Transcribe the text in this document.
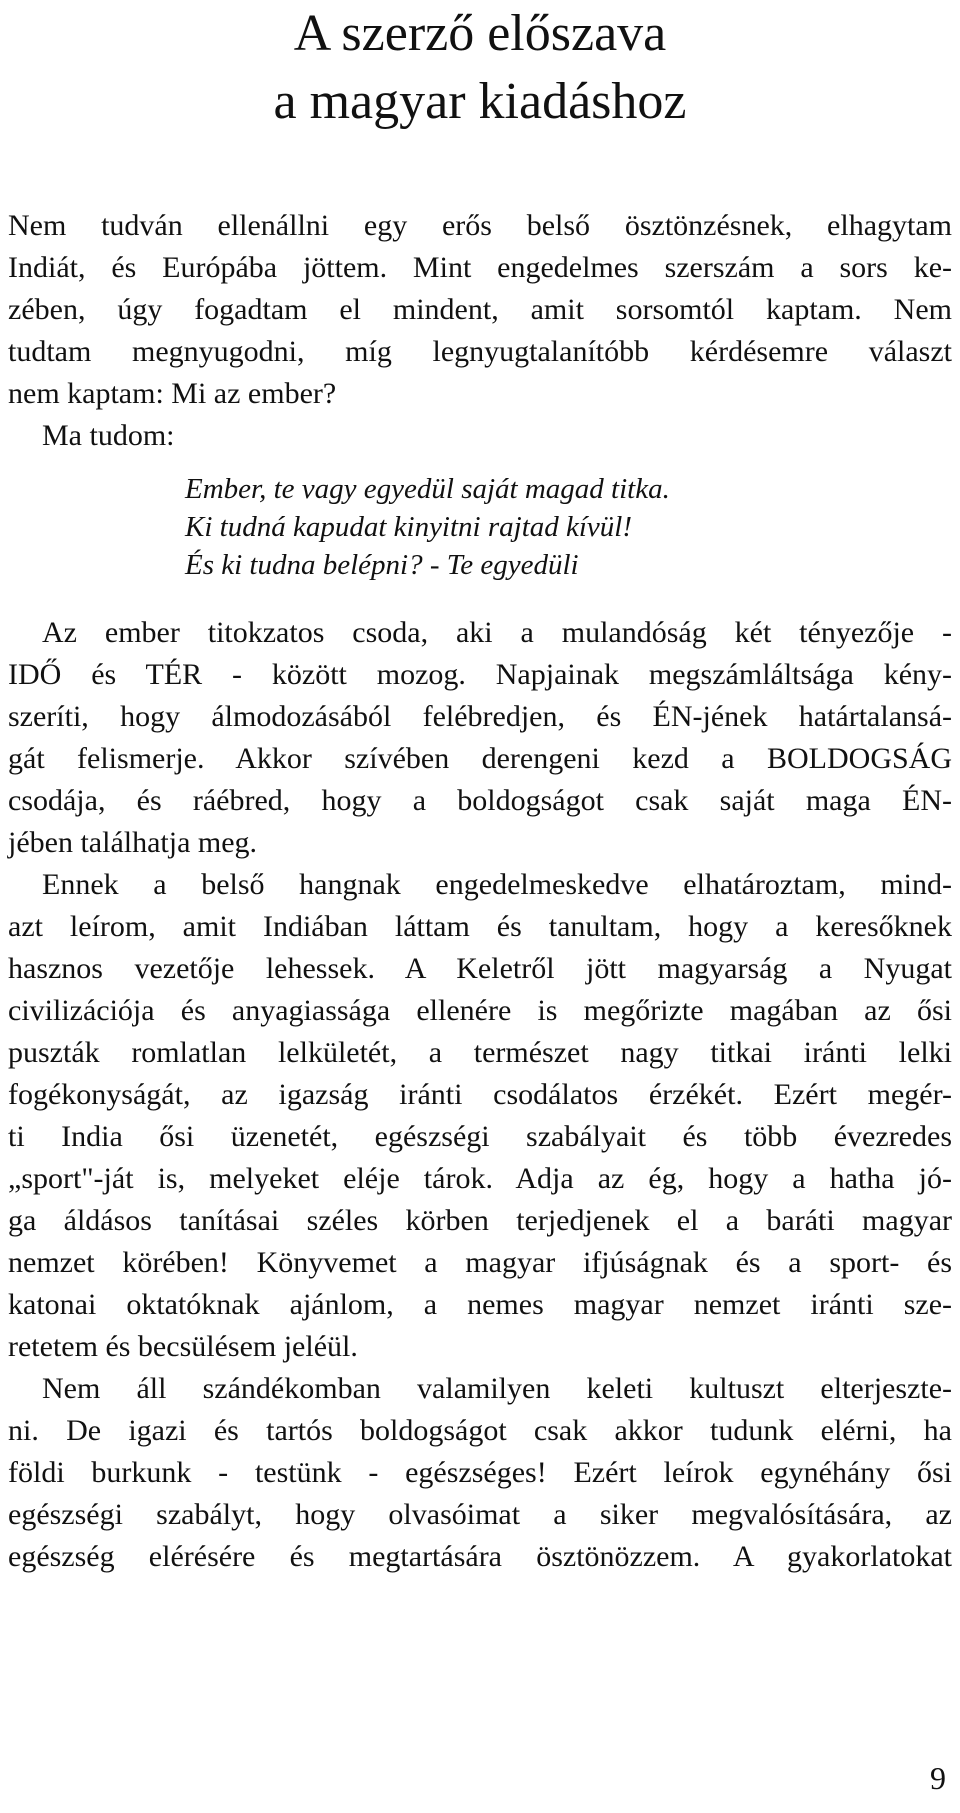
A szerző előszava
a magyar kiadáshoz
Nem tudván ellenállni egy erős belső ösztönzésnek, elhagytam
Indiát, és Európába jöttem. Mint engedelmes szerszám a sors ke-
zében, úgy fogadtam el mindent, amit sorsomtól kaptam. Nem
tudtam megnyugodni, míg legnyugtalanítóbb kérdésemre választ
nem kaptam: Mi az ember?
Ma tudom:
Ember, te vagy egyedül saját magad titka.
Ki tudná kapudat kinyitni rajtad kívül!
És ki tudna belépni? - Te egyedüli
Az ember titokzatos csoda, aki a mulandóság két tényezője -
IDŐ és TÉR - között mozog. Napjainak megszámláltsága kény-
szeríti, hogy álmodozásából felébredjen, és ÉN-jének határtalansá-
gát felismerje. Akkor szívében derengeni kezd a BOLDOGSÁG
csodája, és ráébred, hogy a boldogságot csak saját maga ÉN-
jében találhatja meg.
Ennek a belső hangnak engedelmeskedve elhatároztam, mind-
azt leírom, amit Indiában láttam és tanultam, hogy a keresőknek
hasznos vezetője lehessek. A Keletről jött magyarság a Nyugat
civilizációja és anyagiassága ellenére is megőrizte magában az ősi
puszták romlatlan lelkületét, a természet nagy titkai iránti lelki
fogékonyságát, az igazság iránti csodálatos érzékét. Ezért megér-
ti India ősi üzenetét, egészségi szabályait és több évezredes
„sport"-ját is, melyeket eléje tárok. Adja az ég, hogy a hatha jó-
ga áldásos tanításai széles körben terjedjenek el a baráti magyar
nemzet körében! Könyvemet a magyar ifjúságnak és a sport- és
katonai oktatóknak ajánlom, a nemes magyar nemzet iránti sze-
retetem és becsülésem jeléül.
Nem áll szándékomban valamilyen keleti kultuszt elterjeszte-
ni. De igazi és tartós boldogságot csak akkor tudunk elérni, ha
földi burkunk - testünk - egészséges! Ezért leírok egynéhány ősi
egészségi szabályt, hogy olvasóimat a siker megvalósítására, az
egészség elérésére és megtartására ösztönözzem. A gyakorlatokat
9
